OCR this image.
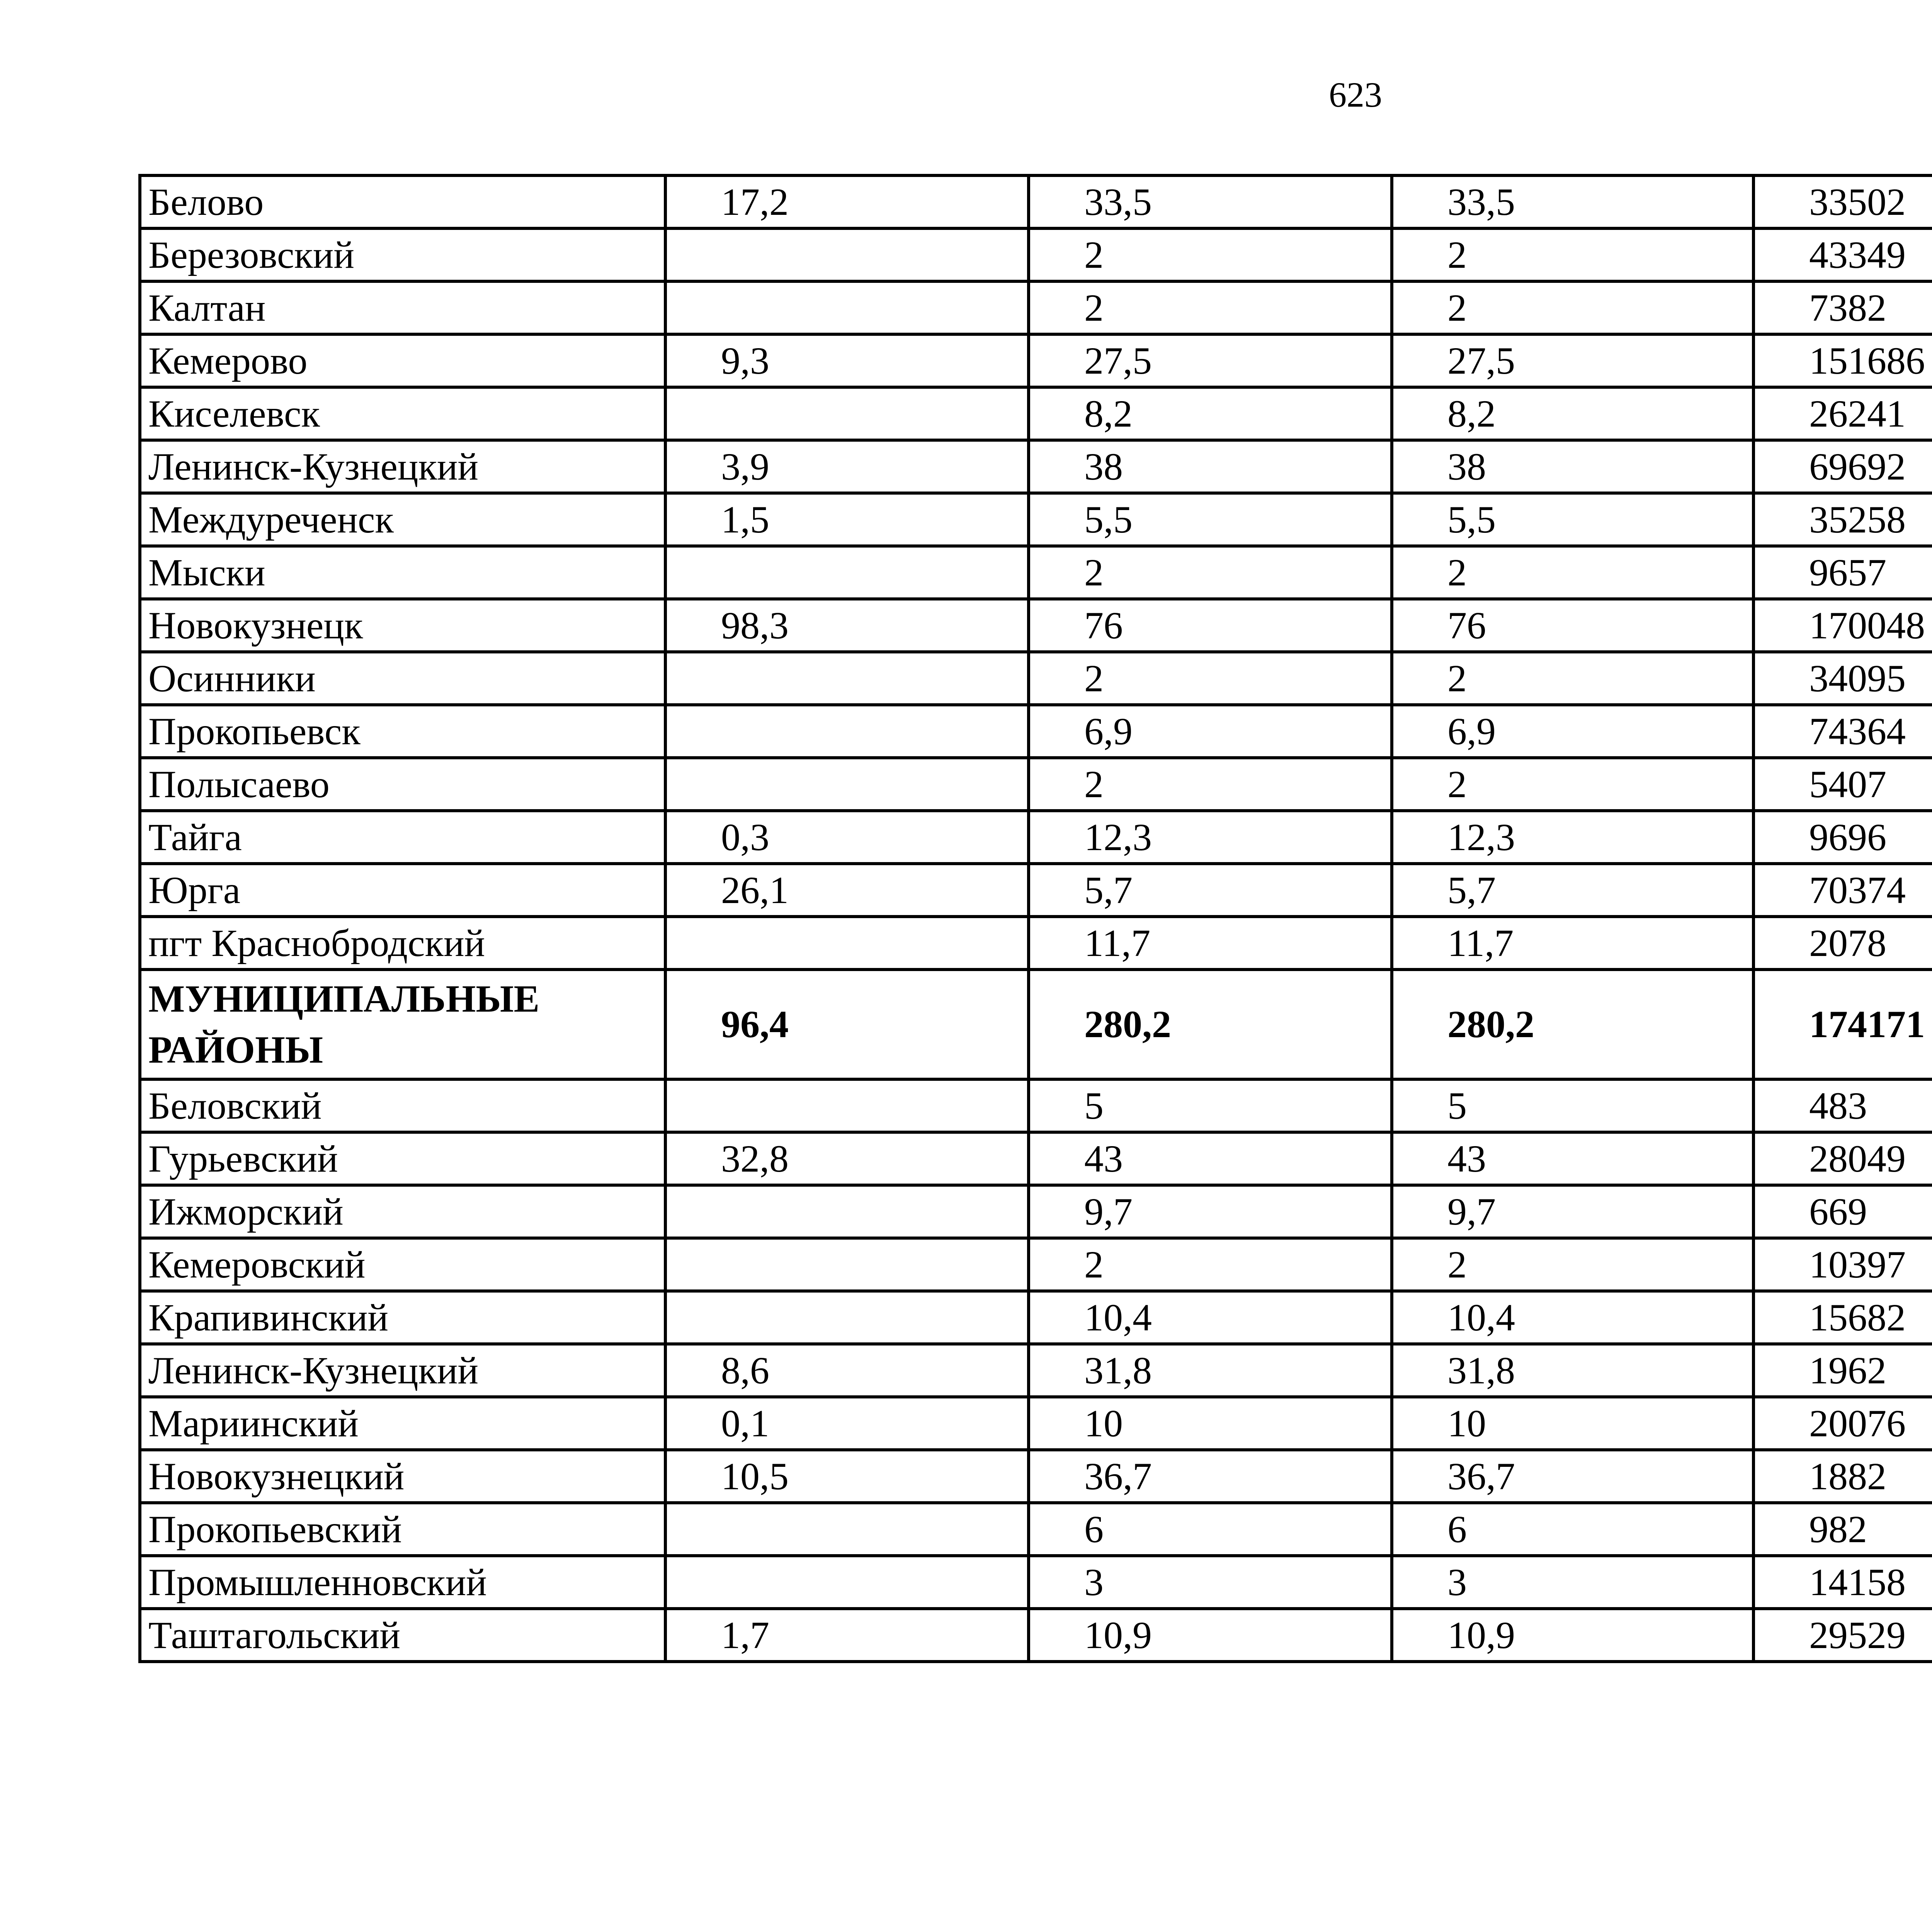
623
Белово	17,2	33,5	33,5	33502		
Березовский		2	2	43349		
Калтан		2	2	7382		
Кемерово	9,3	27,5	27,5	151686		
Киселевск		8,2	8,2	26241		
Ленинск-Кузнецкий	3,9	38	38	69692		
Междуреченск	1,5	5,5	5,5	35258		
Мыски		2	2	9657		
Новокузнецк	98,3	76	76	170048		
Осинники		2	2	34095		
Прокопьевск		6,9	6,9	74364		
Полысаево		2	2	5407		
Тайга	0,3	12,3	12,3	9696		
Юрга	26,1	5,7	5,7	70374		
пгт Краснобродский		11,7	11,7	2078		
МУНИЦИПАЛЬНЫЕ РАЙОНЫ	96,4	280,2	280,2	174171		
Беловский		5	5	483		
Гурьевский	32,8	43	43	28049		
Ижморский		9,7	9,7	669		
Кемеровский		2	2	10397		
Крапивинский		10,4	10,4	15682		
Ленинск-Кузнецкий	8,6	31,8	31,8	1962		
Мариинский	0,1	10	10	20076		
Новокузнецкий	10,5	36,7	36,7	1882		
Прокопьевский		6	6	982		
Промышленновский		3	3	14158		
Таштагольский	1,7	10,9	10,9	29529		
